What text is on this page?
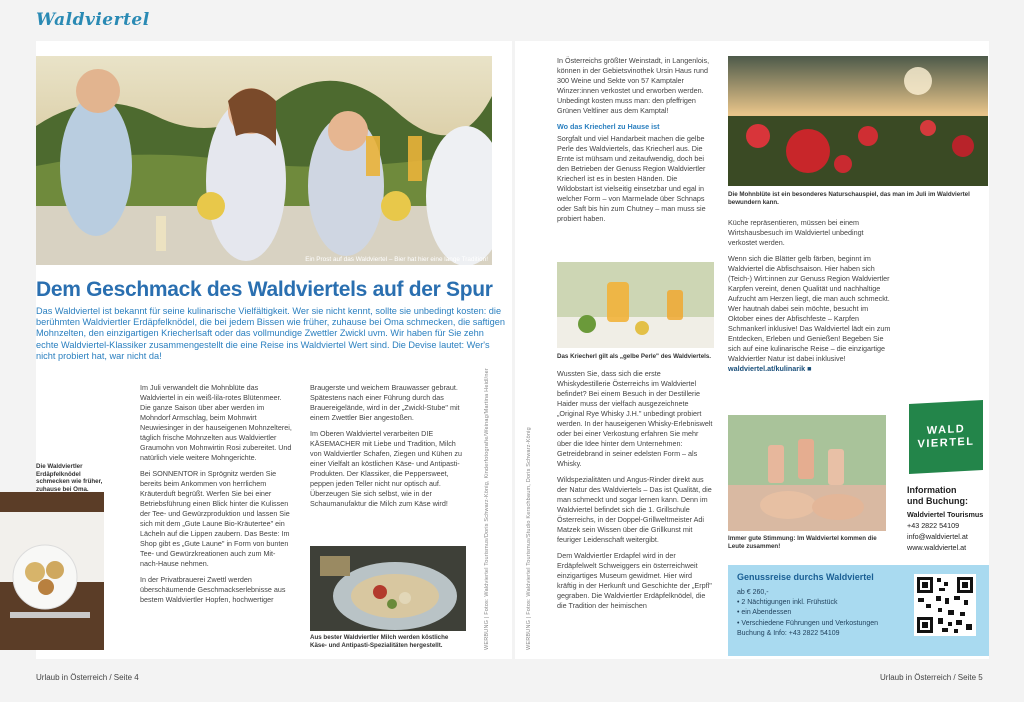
Waldviertel
Ein Prost auf das Waldviertel – Bier hat hier eine lange Tradition!
Dem Geschmack des Waldviertels auf der Spur
Das Waldviertel ist bekannt für seine kulinarische Vielfältigkeit. Wer sie nicht kennt, sollte sie unbedingt kosten: die berühmten Waldviertler Erdäpfelknödel, die bei jedem Bissen wie früher, zuhause bei Oma schmecken, die saftigen Mohnzelten, den einzigartigen Kriecherlsaft oder das vollmundige Zwettler Zwickl uvm. Wir haben für Sie zehn echte Waldviertel-Klassiker zusammengestellt die eine Reise ins Waldviertel Wert sind. Die Devise lautet: Wer's nicht probiert hat, war nicht da!
Die Waldviertler Erdäpfelknödel schmecken wie früher, zuhause bei Oma.

Im Juli verwandelt die Mohnblüte das Waldviertel in ein weiß-lila-rotes Blütenmeer. Die ganze Saison über aber werden im Mohndorf Armschlag, beim Mohnwirt Neuwiesinger in der hauseigenen Mohnzelterei, täglich frische Mohnzelten aus Waldviertler Graumohn von Mohnwirtin Rosi zubereitet. Und natürlich viele weitere Mohngerichte.

Bei SONNENTOR in Sprögnitz werden Sie bereits beim Ankommen von herrlichem Kräuterduft begrüßt. Werfen Sie bei einer Betriebsführung einen Blick hinter die Kulissen der Tee- und Gewürzproduktion und lassen Sie sich mit dem „Gute Laune Bio-Kräutertee" ein Lächeln auf die Lippen zaubern. Das Beste: Im Shop gibt es „Gute Laune" in Form von bunten Tee- und Gewürzkreationen auch zum Mit-nach-Hause nehmen.

In der Privatbrauerei Zwettl werden überschäumende Geschmackserlebnisse aus bestem Waldviertler Hopfen, hochwertiger

Braugerste und weichem Brauwasser gebraut. Spätestens nach einer Führung durch das Brauereigelände, wird in der „Zwickl-Stube" mit einem Zwettler Bier angestoßen.

Im Oberen Waldviertel verarbeiten DIE KÄSEMACHER mit Liebe und Tradition, Milch von Waldviertler Schafen, Ziegen und Kühen zu einer Vielfalt an köstlichen Käse- und Antipasti-Produkten. Der Klassiker, die Peppersweet, peppen jeden Teller nicht nur optisch auf. Überzeugen Sie sich selbst, wie in der Schaumanufaktur die Milch zum Käse wird!

Aus bester Waldviertler Milch werden köstliche Käse- und Antipasti-Spezialitäten hergestellt.	WERBUNG | Fotos: Waldviertel Tourismus/Doris Schwarz-König, Kinderfotografie/Weinag/Martina Heidl/ner	WERBUNG | Fotos: Waldviertel Tourismus/Studio Kerschbaum, Doris Schwarz-König

In Österreichs größter Weinstadt, in Langenlois, können in der Gebietsvinothek Ursin Haus rund 300 Weine und Sekte von 57 Kamptaler Winzer:innen verkostet und erworben werden. Unbedingt kosten muss man: den pfeffrigen Grünen Veltliner aus dem Kamptal!

Wo das Kriecherl zu Hause ist

Sorgfalt und viel Handarbeit machen die gelbe Perle des Waldviertels, das Kriecherl aus. Die Ernte ist mühsam und zeitaufwendig, doch bei den Betrieben der Genuss Region Waldviertler Kriecherl ist es in besten Händen. Die Wildobstart ist vielseitig einsetzbar und egal in welcher Form – von Marmelade über Schnaps oder Saft bis hin zum Chutney – man muss sie probiert haben.

Das Kriecherl gilt als „gelbe Perle" des Waldviertels.

Wussten Sie, dass sich die erste Whiskydestillerie Österreichs im Waldviertel befindet? Bei einem Besuch in der Destillerie Haider muss der vielfach ausgezeichnete „Original Rye Whisky J.H." unbedingt probiert werden. In der hauseigenen Whisky-Erlebniswelt oder bei einer Verkostung erfahren Sie mehr über die Idee hinter dem Unternehmen: Getreidebrand in seiner edelsten Form – als Whisky.

Wildspezialitäten und Angus-Rinder direkt aus der Natur des Waldviertels – Das ist Qualität, die man schmeckt und sogar lernen kann. Denn im Waldviertel befindet sich die 1. Grillschule Österreichs, in der Doppel-Grillweltmeister Adi Matzek sein Wissen über die Grillkunst mit feuriger Leidenschaft weitergibt.

Dem Waldviertler Erdapfel wird in der Erdäpfelwelt Schweiggers ein österreichweit einzigartiges Museum gewidmet. Hier wird kräftig in der Herkunft und Geschichte der „Erpfl" gegraben. Die Waldviertler Erdäpfelknödel, die die Tradition der heimischen

Die Mohnblüte ist ein besonderes Naturschauspiel, das man im Juli im Waldviertel bewundern kann.

Küche repräsentieren, müssen bei einem Wirtshausbesuch im Waldviertel unbedingt verkostet werden.

Wenn sich die Blätter gelb färben, beginnt im Waldviertel die Abfischsaison. Hier haben sich (Teich-) Wirt:innen zur Genuss Region Waldviertler Karpfen vereint, denen Qualität und nachhaltige Aufzucht am Herzen liegt, die man auch schmeckt. Wer hautnah dabei sein möchte, besucht im Oktober eines der Abfischfeste – Karpfen Schmankerl inklusive! Das Waldviertel lädt ein zum Entdecken, Erleben und Genießen! Begeben Sie sich auf eine kulinarische Reise – die einzigartige Waldviertler Natur ist dabei inklusive!

waldviertel.at/kulinarik ■

Immer gute Stimmung: Im Waldviertel kommen die Leute zusammen!
WALD
VIERTEL
Information
und Buchung:
Waldviertel Tourismus
+43 2822 54109
info@waldviertel.at
www.waldviertel.at
Genussreise durchs Waldviertel
ab € 260,-
• 2 Nächtigungen inkl. Frühstück
• ein Abendessen
• Verschiedene Führungen und Verkostungen
Buchung & Info: +43 2822 54109
Urlaub in Österreich / Seite 4	Urlaub in Österreich / Seite 5
